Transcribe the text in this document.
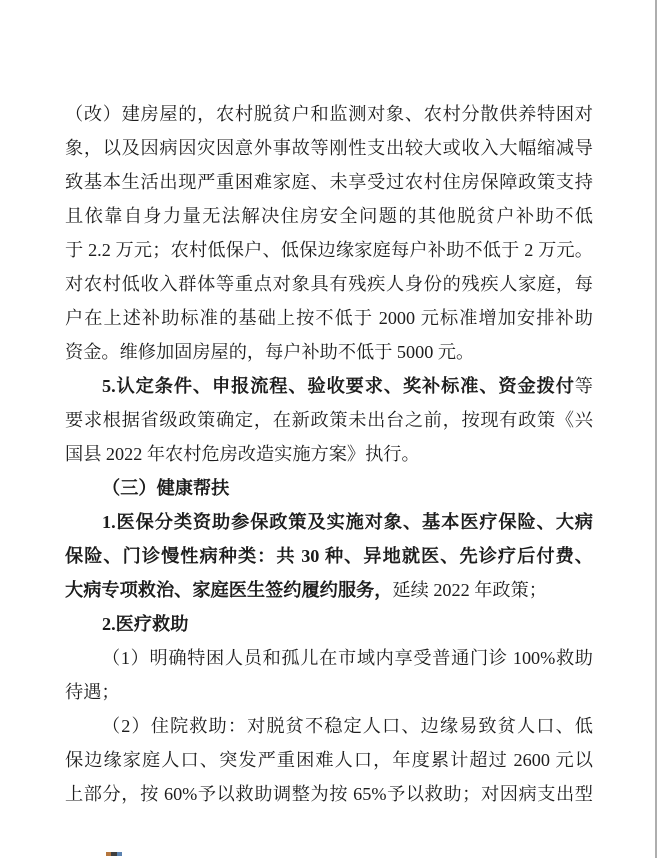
（改）建房屋的，农村脱贫户和监测对象、农村分散供养特困对
象，以及因病因灾因意外事故等刚性支出较大或收入大幅缩减导
致基本生活出现严重困难家庭、未享受过农村住房保障政策支持
且依靠自身力量无法解决住房安全问题的其他脱贫户补助不低
于 2.2 万元；农村低保户、低保边缘家庭每户补助不低于 2 万元。
对农村低收入群体等重点对象具有残疾人身份的残疾人家庭，每
户在上述补助标准的基础上按不低于 2000 元标准增加安排补助
资金。维修加固房屋的，每户补助不低于 5000 元。
5.认定条件、申报流程、验收要求、奖补标准、资金拨付等
要求根据省级政策确定，在新政策未出台之前，按现有政策《兴
国县 2022 年农村危房改造实施方案》执行。
（三）健康帮扶
1.医保分类资助参保政策及实施对象、基本医疗保险、大病
保险、门诊慢性病种类：共 30 种、异地就医、先诊疗后付费、
大病专项救治、家庭医生签约履约服务，延续 2022 年政策；
2.医疗救助
（1）明确特困人员和孤儿在市域内享受普通门诊 100%救助
待遇；
（2）住院救助：对脱贫不稳定人口、边缘易致贫人口、低
保边缘家庭人口、突发严重困难人口，年度累计超过 2600 元以
上部分，按 60%予以救助调整为按 65%予以救助；对因病支出型
